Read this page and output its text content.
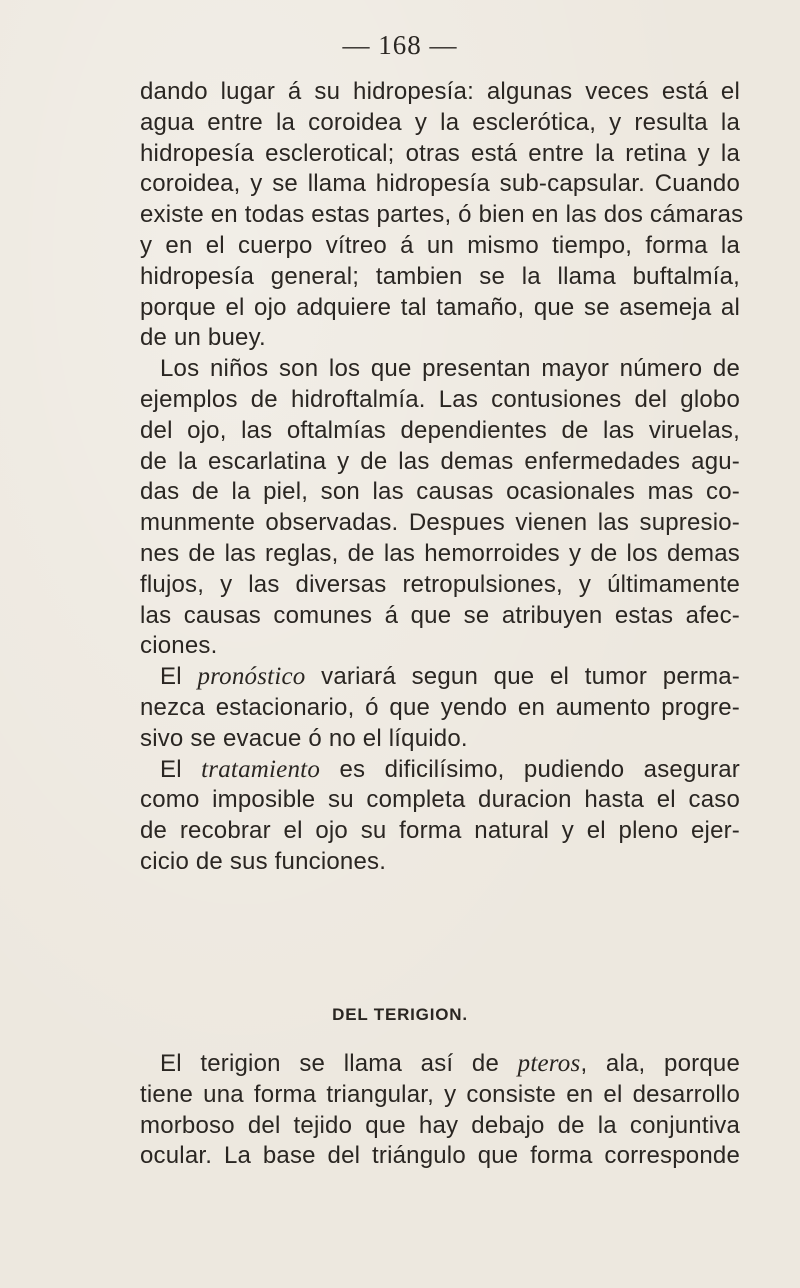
— 168 —
dando lugar á su hidropesía: algunas veces está el
agua entre la coroidea y la esclerótica, y resulta la
hidropesía esclerotical; otras está entre la retina y la
coroidea, y se llama hidropesía sub-capsular. Cuando
existe en todas estas partes, ó bien en las dos cámaras
y en el cuerpo vítreo á un mismo tiempo, forma la
hidropesía general; tambien se la llama buftalmía,
porque el ojo adquiere tal tamaño, que se asemeja al
de un buey.
Los niños son los que presentan mayor número de
ejemplos de hidroftalmía. Las contusiones del globo
del ojo, las oftalmías dependientes de las viruelas,
de la escarlatina y de las demas enfermedades agu-
das de la piel, son las causas ocasionales mas co-
munmente observadas. Despues vienen las supresio-
nes de las reglas, de las hemorroides y de los demas
flujos, y las diversas retropulsiones, y últimamente
las causas comunes á que se atribuyen estas afec-
ciones.
El pronóstico variará segun que el tumor perma-
nezca estacionario, ó que yendo en aumento progre-
sivo se evacue ó no el líquido.
El tratamiento es dificilísimo, pudiendo asegurar
como imposible su completa duracion hasta el caso
de recobrar el ojo su forma natural y el pleno ejer-
cicio de sus funciones.
DEL TERIGION.
El terigion se llama así de pteros, ala, porque
tiene una forma triangular, y consiste en el desarrollo
morboso del tejido que hay debajo de la conjuntiva
ocular. La base del triángulo que forma corresponde
